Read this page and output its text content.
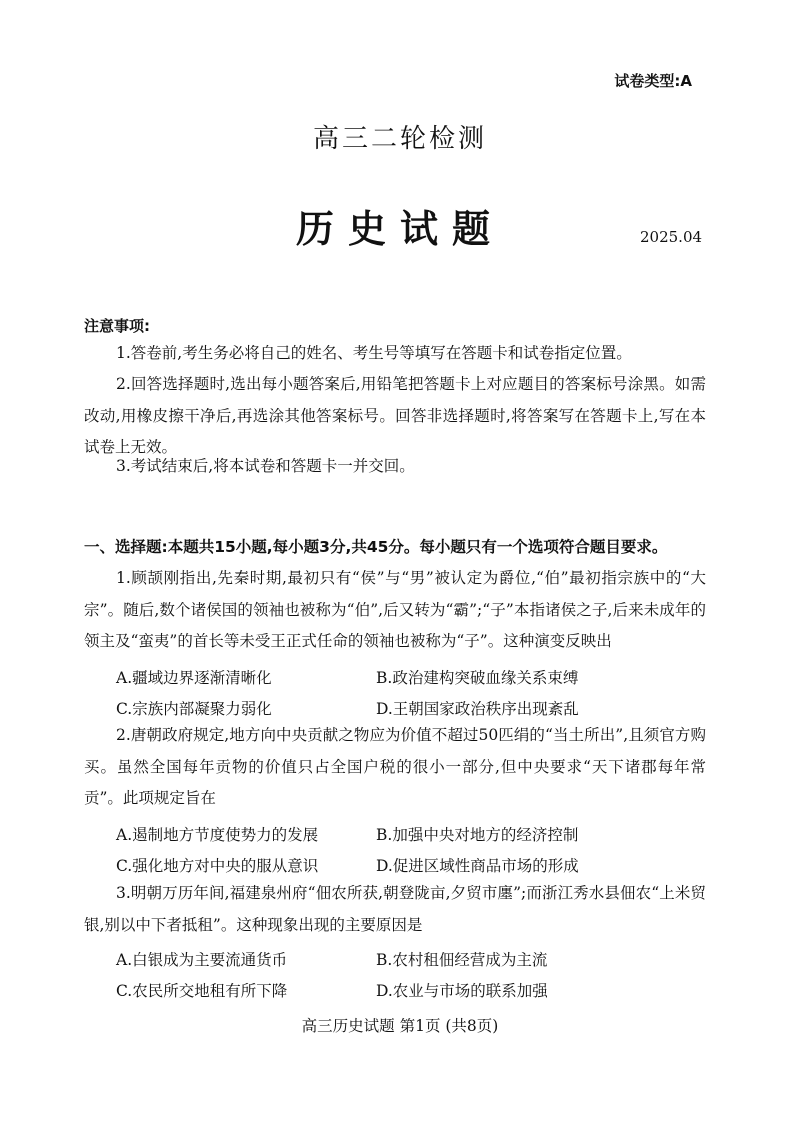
试卷类型:A
高三二轮检测
历史试题	2025.04
注意事项:
1.答卷前,考生务必将自己的姓名、考生号等填写在答题卡和试卷指定位置。
2.回答选择题时,选出每小题答案后,用铅笔把答题卡上对应题目的答案标号涂黑。如需改动,用橡皮擦干净后,再选涂其他答案标号。回答非选择题时,将答案写在答题卡上,写在本试卷上无效。
3.考试结束后,将本试卷和答题卡一并交回。
一、选择题:本题共15小题,每小题3分,共45分。每小题只有一个选项符合题目要求。
1.顾颉刚指出,先秦时期,最初只有“侯”与“男”被认定为爵位,“伯”最初指宗族中的“大宗”。随后,数个诸侯国的领袖也被称为“伯”,后又转为“霸”;“子”本指诸侯之子,后来未成年的领主及“蛮夷”的首长等未受王正式任命的领袖也被称为“子”。这种演变反映出
A.疆域边界逐渐清晰化	B.政治建构突破血缘关系束缚
C.宗族内部凝聚力弱化	D.王朝国家政治秩序出现紊乱
2.唐朝政府规定,地方向中央贡献之物应为价值不超过50匹绢的“当土所出”,且须官方购买。虽然全国每年贡物的价值只占全国户税的很小一部分,但中央要求“天下诸郡每年常贡”。此项规定旨在
A.遏制地方节度使势力的发展	B.加强中央对地方的经济控制
C.强化地方对中央的服从意识	D.促进区域性商品市场的形成
3.明朝万历年间,福建泉州府“佃农所获,朝登陇亩,夕贸市廛”;而浙江秀水县佃农“上米贸银,别以中下者抵租”。这种现象出现的主要原因是
A.白银成为主要流通货币	B.农村租佃经营成为主流
C.农民所交地租有所下降	D.农业与市场的联系加强
高三历史试题 第1页 (共8页)
